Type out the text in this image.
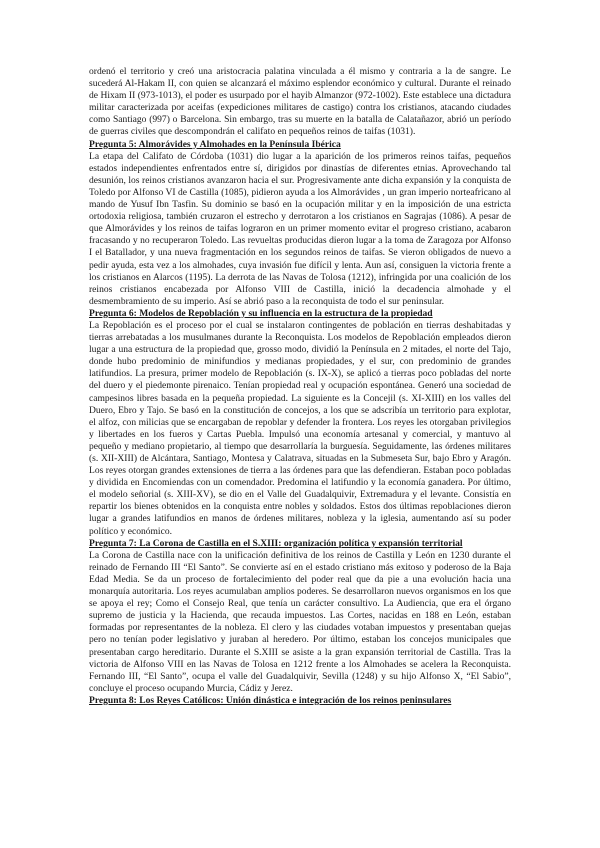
ordenó el territorio y creó una aristocracia palatina vinculada a él mismo y contraria a la de sangre. Le sucederá Al-Hakam II, con quien se alcanzará el máximo esplendor económico y cultural. Durante el reinado de Hixam II (973-1013), el poder es usurpado por el hayib Almanzor (972-1002). Este establece una dictadura militar caracterizada por aceifas (expediciones militares de castigo) contra los cristianos, atacando ciudades como Santiago (997) o Barcelona. Sin embargo, tras su muerte en la batalla de Calatañazor, abrió un período de guerras civiles que descompondrán el califato en pequeños reinos de taifas (1031).

Pregunta 5: Almorávides y Almohades en la Península Ibérica

La etapa del Califato de Córdoba (1031) dio lugar a la aparición de los primeros reinos taifas, pequeños estados independientes enfrentados entre sí, dirigidos por dinastías de diferentes etnias. Aprovechando tal desunión, los reinos cristianos avanzaron hacia el sur. Progresivamente ante dicha expansión y la conquista de Toledo por Alfonso VI de Castilla (1085), pidieron ayuda a los Almorávides , un gran imperio norteafricano al mando de Yusuf Ibn Tasfin. Su dominio se basó en la ocupación militar y en la imposición de una estricta ortodoxia religiosa, también cruzaron el estrecho y derrotaron a los cristianos en Sagrajas (1086). A pesar de que Almorávides y los reinos de taifas lograron en un primer momento evitar el progreso cristiano, acabaron fracasando y no recuperaron Toledo. Las revueltas producidas dieron lugar a la toma de Zaragoza por Alfonso I el Batallador, y una nueva fragmentación en los segundos reinos de taifas. Se vieron obligados de nuevo a pedir ayuda, esta vez a los almohades, cuya invasión fue difícil y lenta. Aun así, consiguen la victoria frente a los cristianos en Alarcos (1195). La derrota de las Navas de Tolosa (1212), infringida por una coalición de los reinos cristianos encabezada por Alfonso VIII de Castilla, inició la decadencia almohade y el desmembramiento de su imperio. Así se abrió paso a la reconquista de todo el sur peninsular.

Pregunta 6: Modelos de Repoblación y su influencia en la estructura de la propiedad

La Repoblación es el proceso por el cual se instalaron contingentes de población en tierras deshabitadas y tierras arrebatadas a los musulmanes durante la Reconquista. Los modelos de Repoblación empleados dieron lugar a una estructura de la propiedad que, grosso modo, dividió la Península en 2 mitades, el norte del Tajo, donde hubo predominio de minifundios y medianas propiedades, y el sur, con predominio de grandes latifundios. La presura, primer modelo de Repoblación (s. IX-X), se aplicó a tierras poco pobladas del norte del duero y el piedemonte pirenaico. Tenían propiedad real y ocupación espontánea. Generó una sociedad de campesinos libres basada en la pequeña propiedad. La siguiente es la Concejil (s. XI-XIII) en los valles del Duero, Ebro y Tajo. Se basó en la constitución de concejos, a los que se adscribía un territorio para explotar, el alfoz, con milicias que se encargaban de repoblar y defender la frontera. Los reyes les otorgaban privilegios y libertades en los fueros y Cartas Puebla. Impulsó una economía artesanal y comercial, y mantuvo al pequeño y mediano propietario, al tiempo que desarrollaría la burguesía. Seguidamente, las órdenes militares (s. XII-XIII) de Alcántara, Santiago, Montesa y Calatrava, situadas en la Submeseta Sur, bajo Ebro y Aragón. Los reyes otorgan grandes extensiones de tierra a las órdenes para que las defendieran. Estaban poco pobladas y dividida en Encomiendas con un comendador. Predomina el latifundio y la economía ganadera. Por último, el modelo señorial (s. XIII-XV), se dio en el Valle del Guadalquivir, Extremadura y el levante. Consistía en repartir los bienes obtenidos en la conquista entre nobles y soldados. Estos dos últimas repoblaciones dieron lugar a grandes latifundios en manos de órdenes militares, nobleza y la iglesia, aumentando así su poder político y económico.

Pregunta 7: La Corona de Castilla en el S.XIII: organización política y expansión territorial

La Corona de Castilla nace con la unificación definitiva de los reinos de Castilla y León en 1230 durante el reinado de Fernando III “El Santo”. Se convierte así en el estado cristiano más exitoso y poderoso de la Baja Edad Media. Se da un proceso de fortalecimiento del poder real que da pie a una evolución hacia una monarquía autoritaria. Los reyes acumulaban amplios poderes. Se desarrollaron nuevos organismos en los que se apoya el rey; Como el Consejo Real, que tenía un carácter consultivo. La Audiencia, que era el órgano supremo de justicia y la Hacienda, que recauda impuestos. Las Cortes, nacidas en 188 en León, estaban formadas por representantes de la nobleza. El clero y las ciudades votaban impuestos y presentaban quejas pero no tenían poder legislativo y juraban al heredero. Por último, estaban los concejos municipales que presentaban cargo hereditario. Durante el S.XIII se asiste a la gran expansión territorial de Castilla. Tras la victoria de Alfonso VIII en las Navas de Tolosa en 1212 frente a los Almohades se acelera la Reconquista. Fernando III, “El Santo”, ocupa el valle del Guadalquivir, Sevilla (1248) y su hijo Alfonso X, “El Sabio”, concluye el proceso ocupando Murcia, Cádiz y Jerez.

Pregunta 8: Los Reyes Católicos: Unión dinástica e integración de los reinos peninsulares
